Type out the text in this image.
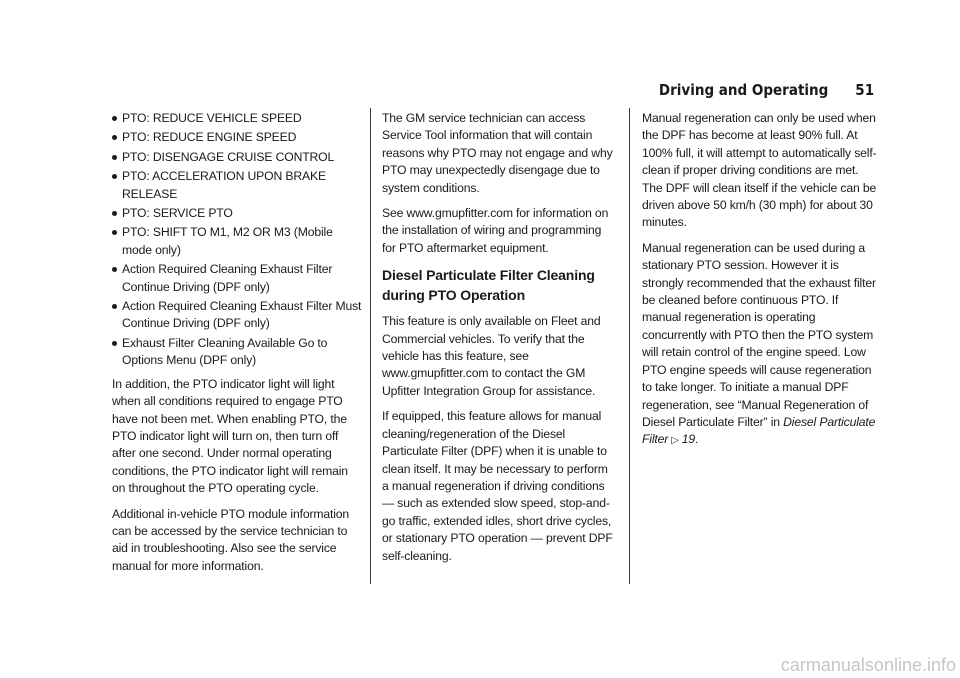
Driving and Operating 51
PTO: REDUCE VEHICLE SPEED
PTO: REDUCE ENGINE SPEED
PTO: DISENGAGE CRUISE CONTROL
PTO: ACCELERATION UPON BRAKE RELEASE
PTO: SERVICE PTO
PTO: SHIFT TO M1, M2 OR M3 (Mobile mode only)
Action Required Cleaning Exhaust Filter Continue Driving (DPF only)
Action Required Cleaning Exhaust Filter Must Continue Driving (DPF only)
Exhaust Filter Cleaning Available Go to Options Menu (DPF only)

In addition, the PTO indicator light will light when all conditions required to engage PTO have not been met. When enabling PTO, the PTO indicator light will turn on, then turn off after one second. Under normal operating conditions, the PTO indicator light will remain on throughout the PTO operating cycle.

Additional in-vehicle PTO module information can be accessed by the service technician to aid in troubleshooting. Also see the service manual for more information.

The GM service technician can access Service Tool information that will contain reasons why PTO may not engage and why PTO may unexpectedly disengage due to system conditions.

See www.gmupfitter.com for information on the installation of wiring and programming for PTO aftermarket equipment.

Diesel Particulate Filter Cleaning during PTO Operation

This feature is only available on Fleet and Commercial vehicles. To verify that the vehicle has this feature, see www.gmupfitter.com to contact the GM Upfitter Integration Group for assistance.

If equipped, this feature allows for manual cleaning/regeneration of the Diesel Particulate Filter (DPF) when it is unable to clean itself. It may be necessary to perform a manual regeneration if driving conditions — such as extended slow speed, stop-and-go traffic, extended idles, short drive cycles, or stationary PTO operation — prevent DPF self-cleaning.

Manual regeneration can only be used when the DPF has become at least 90% full. At 100% full, it will attempt to automatically self-clean if proper driving conditions are met. The DPF will clean itself if the vehicle can be driven above 50 km/h (30 mph) for about 30 minutes.

Manual regeneration can be used during a stationary PTO session. However it is strongly recommended that the exhaust filter be cleaned before continuous PTO. If manual regeneration is operating concurrently with PTO then the PTO system will retain control of the engine speed. Low PTO engine speeds will cause regeneration to take longer. To initiate a manual DPF regeneration, see “Manual Regeneration of Diesel Particulate Filter” in Diesel Particulate Filter ▷ 19.

carmanualsonline.info
